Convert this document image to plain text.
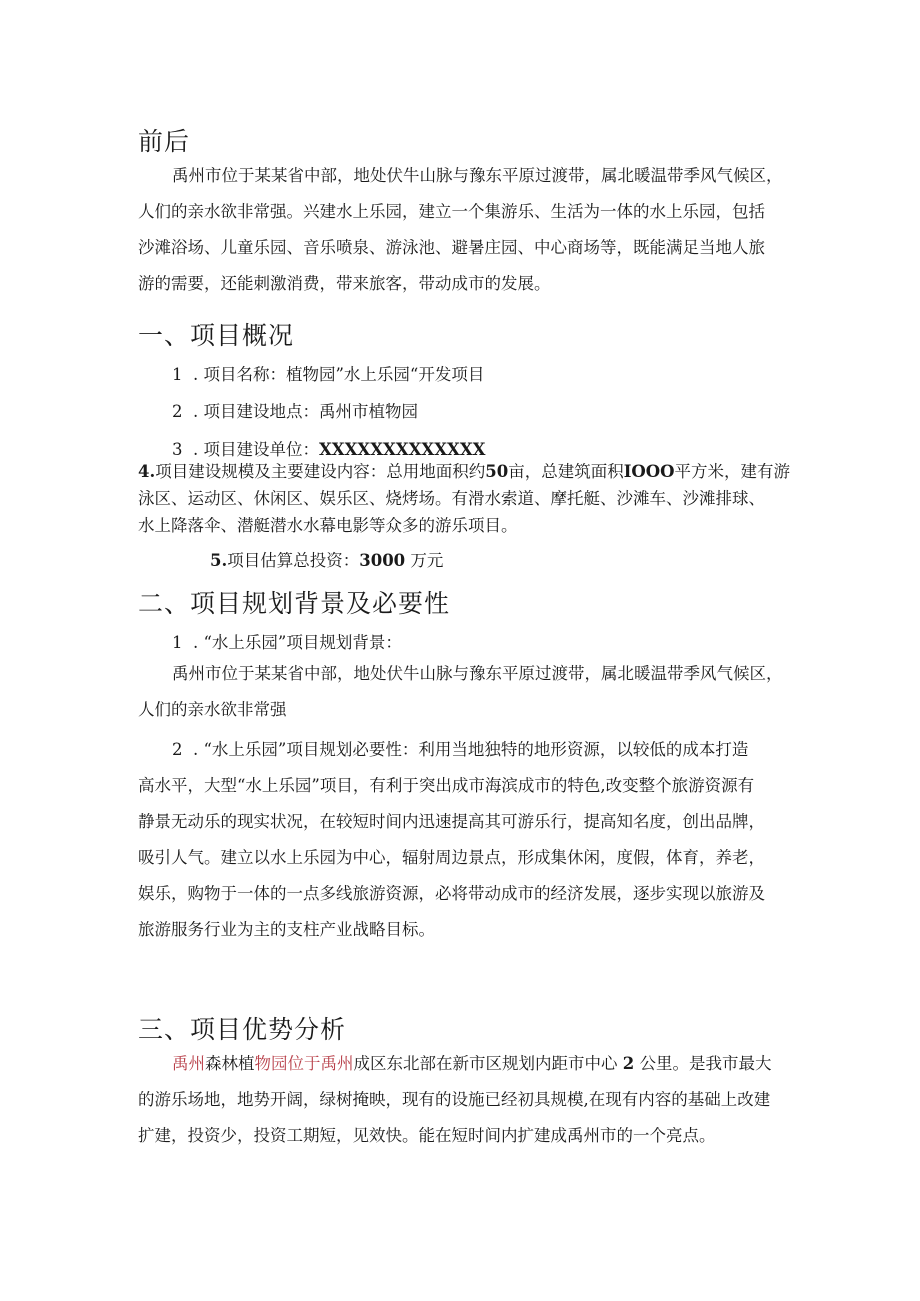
前后
禹州市位于某某省中部，地处伏牛山脉与豫东平原过渡带，属北暖温带季风气候区，
人们的亲水欲非常强。兴建水上乐园，建立一个集游乐、生活为一体的水上乐园，包括
沙滩浴场、儿童乐园、音乐喷泉、游泳池、避暑庄园、中心商场等，既能满足当地人旅
游的需要，还能刺激消费，带来旅客，带动成市的发展。
一、项目概况
1 . 项目名称：植物园”水上乐园“开发项目
2 . 项目建设地点：禹州市植物园
3 . 项目建设单位：XXXXXXXXXXXXX
4.项目建设规模及主要建设内容：总用地面积约50亩，总建筑面积IOOO平方米，建有游
泳区、运动区、休闲区、娱乐区、烧烤场。有滑水索道、摩托艇、沙滩车、沙滩排球、
水上降落伞、潜艇潜水水幕电影等众多的游乐项目。
5.项目估算总投资：3000 万元
二、项目规划背景及必要性
1 . “水上乐园”项目规划背景：
禹州市位于某某省中部，地处伏牛山脉与豫东平原过渡带，属北暖温带季风气候区，
人们的亲水欲非常强
2 . “水上乐园”项目规划必要性：利用当地独特的地形资源，以较低的成本打造
高水平，大型“水上乐园”项目，有利于突出成市海滨成市的特色,改变整个旅游资源有
静景无动乐的现实状况，在较短时间内迅速提高其可游乐行，提高知名度，创出品牌，
吸引人气。建立以水上乐园为中心，辐射周边景点，形成集休闲，度假，体育，养老，
娱乐，购物于一体的一点多线旅游资源，必将带动成市的经济发展，逐步实现以旅游及
旅游服务行业为主的支柱产业战略目标。
三、项目优势分析
禹州森林植物园位于禹州成区东北部在新市区规划内距市中心 2 公里。是我市最大
的游乐场地，地势开阔，绿树掩映，现有的设施已经初具规模,在现有内容的基础上改建
扩建，投资少，投资工期短，见效快。能在短时间内扩建成禹州市的一个亮点。
